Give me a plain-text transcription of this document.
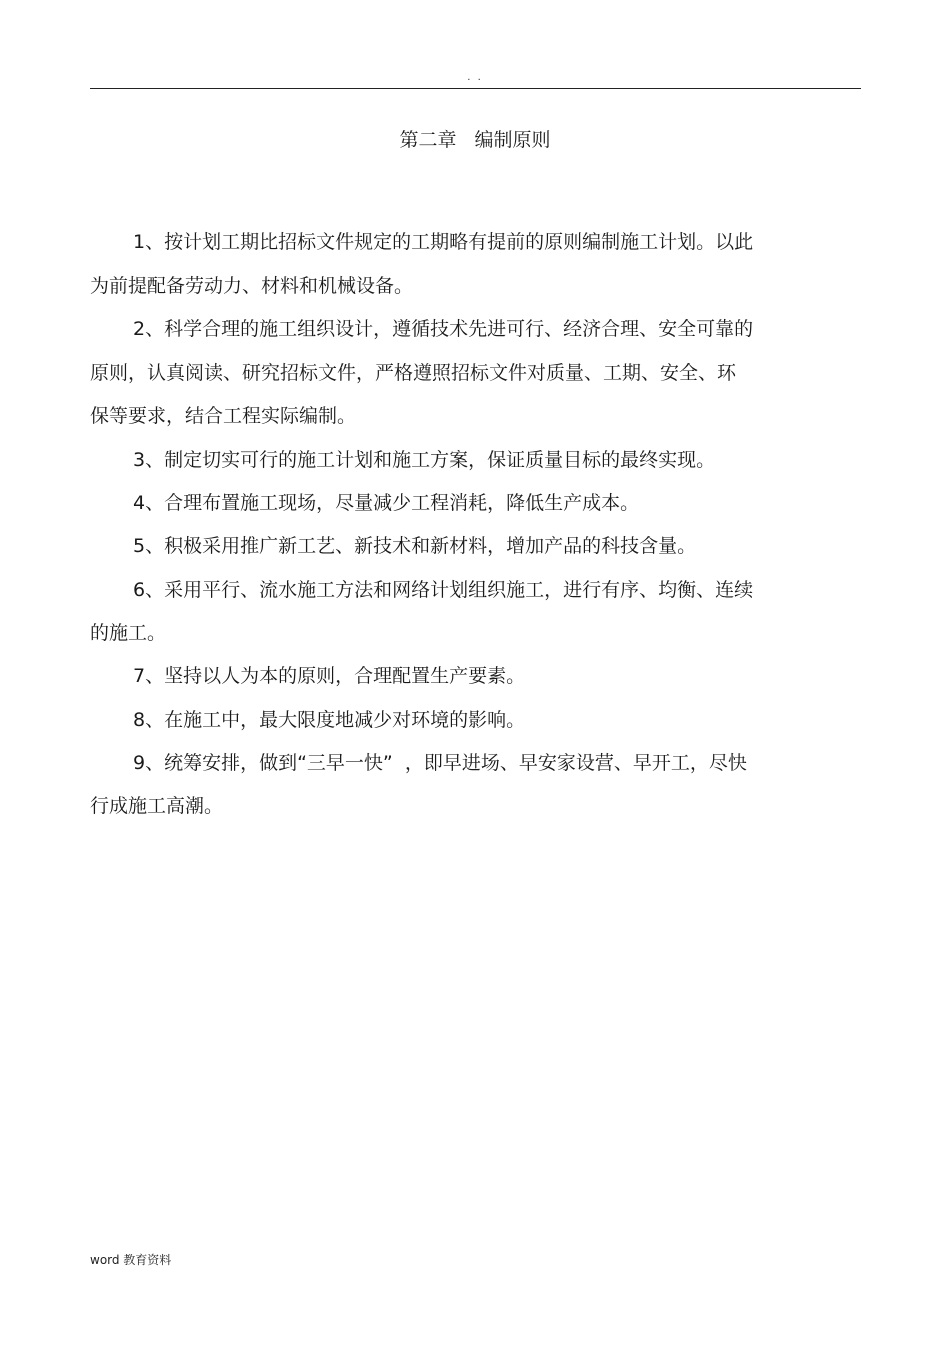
. .
第二章   编制原则
1、按计划工期比招标文件规定的工期略有提前的原则编制施工计划。以此
为前提配备劳动力、材料和机械设备。
2、科学合理的施工组织设计，遵循技术先进可行、经济合理、安全可靠的
原则，认真阅读、研究招标文件，严格遵照招标文件对质量、工期、安全、环
保等要求，结合工程实际编制。
3、制定切实可行的施工计划和施工方案，保证质量目标的最终实现。
4、合理布置施工现场，尽量减少工程消耗，降低生产成本。
5、积极采用推广新工艺、新技术和新材料，增加产品的科技含量。
6、采用平行、流水施工方法和网络计划组织施工，进行有序、均衡、连续
的施工。
7、坚持以人为本的原则，合理配置生产要素。
8、在施工中，最大限度地减少对环境的影响。
9、统筹安排，做到“三早一快”  ，即早进场、早安家设营、早开工，尽快
行成施工高潮。
word 教育资料
